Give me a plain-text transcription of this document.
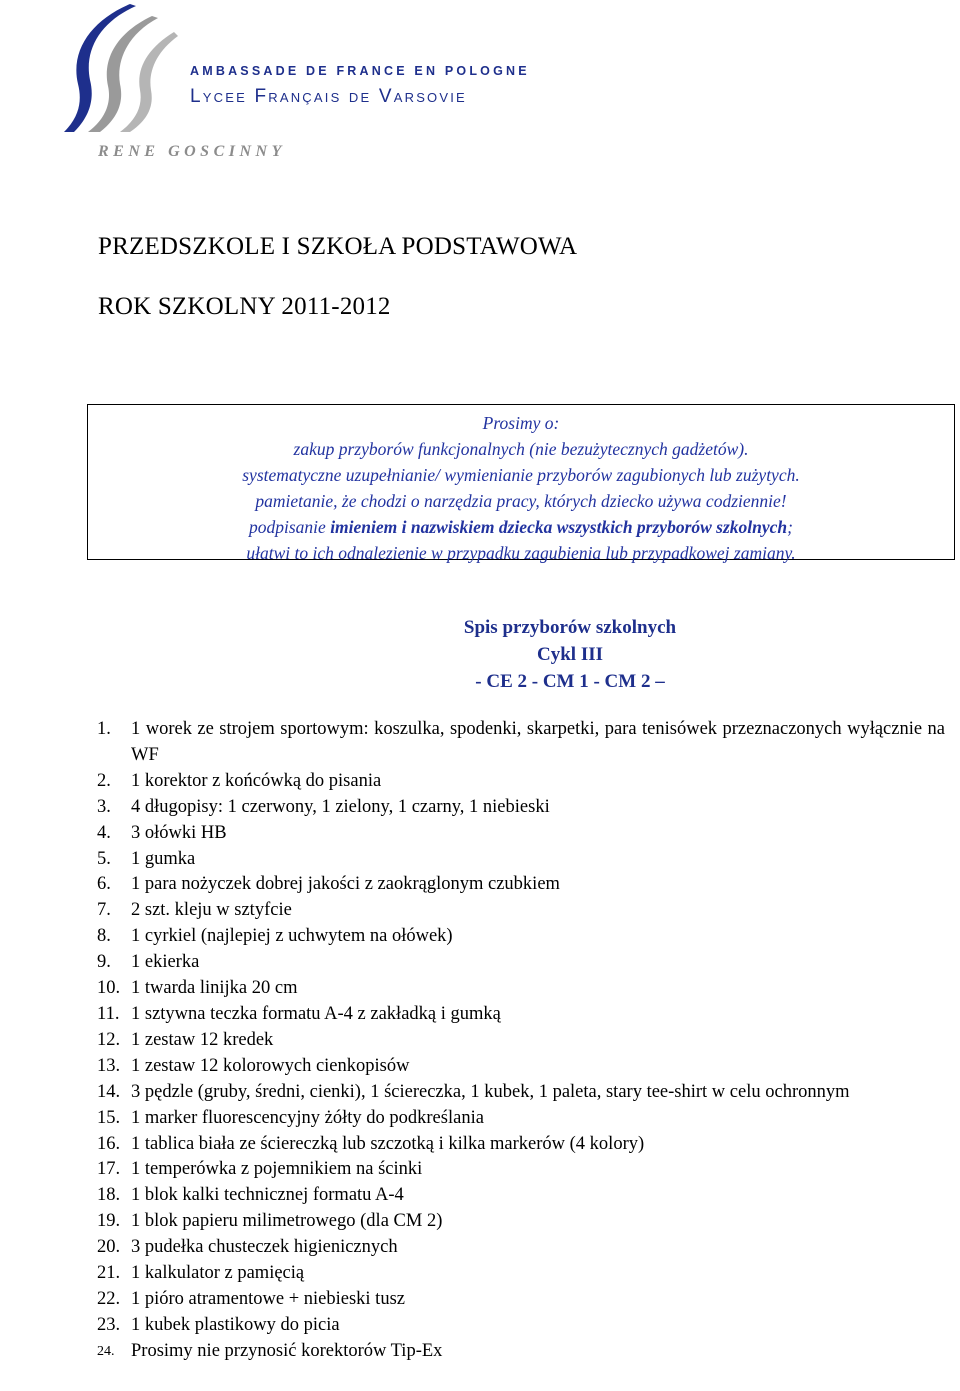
AMBASSADE DE FRANCE EN POLOGNE

Lycee Français de Varsovie

RENE GOSCINNY

PRZEDSZKOLE I SZKOŁA PODSTAWOWA
ROK SZKOLNY 2011-2012
Prosimy o:
zakup przyborów funkcjonalnych (nie bezużytecznych gadżetów).
systematyczne uzupełnianie/ wymienianie przyborów zagubionych lub zużytych.
pamietanie, że chodzi o narzędzia pracy, których dziecko używa codziennie!
podpisanie imieniem i nazwiskiem dziecka wszystkich przyborów szkolnych;
ułatwi to ich odnalezienie w przypadku zagubienia lub przypadkowej zamiany.

Spis przyborów szkolnych

Cykl III

- CE 2 - CM 1 - CM 2 –

1.	1 worek ze strojem sportowym: koszulka, spodenki, skarpetki, para tenisówek przeznaczonych wyłącznie na WF
2.	1 korektor z końcówką do pisania
3.	4 długopisy: 1 czerwony, 1 zielony, 1 czarny, 1 niebieski
4.	3 ołówki HB
5.	1 gumka
6.	1 para nożyczek dobrej jakości z zaokrąglonym czubkiem
7.	2 szt. kleju w sztyfcie
8.	1 cyrkiel (najlepiej z uchwytem na ołówek)
9.	1 ekierka
10. 1 twarda linijka 20 cm
11. 1 sztywna teczka formatu A-4 z zakładką i gumką
12. 1 zestaw 12 kredek
13. 1 zestaw 12 kolorowych cienkopisów
14. 3 pędzle (gruby, średni, cienki), 1 ściereczka, 1 kubek, 1 paleta, stary tee-shirt w celu ochronnym
15. 1 marker fluorescencyjny żółty do podkreślania
16. 1 tablica biała ze ściereczką lub szczotką i kilka markerów (4 kolory)
17. 1 temperówka z pojemnikiem na ścinki
18. 1 blok kalki technicznej formatu A-4
19. 1 blok papieru milimetrowego (dla CM 2)
20. 3 pudełka chusteczek higienicznych
21. 1 kalkulator z pamięcią
22. 1 pióro atramentowe + niebieski tusz
23. 1 kubek plastikowy do picia
24. Prosimy nie przynosić korektorów Tip-Ex
